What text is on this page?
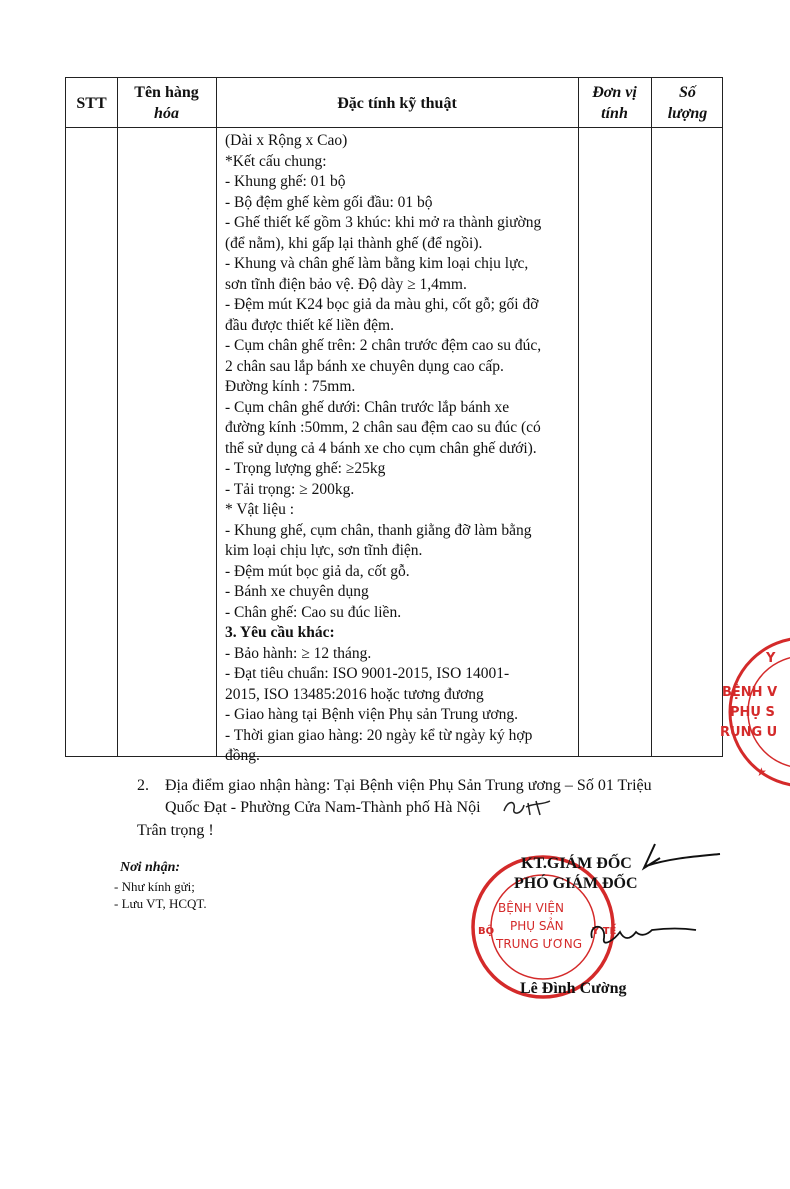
STT
Tên hàng
hóa
Đặc tính kỹ thuật
Đơn vị
tính
Số
lượng
(Dài x Rộng x Cao)
*Kết cấu chung:
- Khung ghế: 01 bộ
- Bộ đệm ghế kèm gối đầu: 01 bộ
- Ghế thiết kế gồm 3 khúc: khi mở ra thành giường
(để nằm), khi gấp lại thành ghế (để ngồi).
- Khung và chân ghế làm bằng kim loại chịu lực,
sơn tĩnh điện bảo vệ. Độ dày ≥ 1,4mm.
- Đệm mút K24 bọc giả da màu ghi, cốt gỗ; gối đỡ
đầu được thiết kế liền đệm.
- Cụm chân ghế trên: 2 chân trước đệm cao su đúc,
2 chân sau lắp bánh xe chuyên dụng cao cấp.
Đường kính : 75mm.
- Cụm chân ghế dưới: Chân trước lắp bánh xe
đường kính :50mm, 2 chân sau đệm cao su đúc (có
thể sử dụng cả 4 bánh xe cho cụm chân ghế dưới).
- Trọng lượng ghế: ≥25kg
- Tải trọng: ≥ 200kg.
* Vật liệu :
- Khung ghế, cụm chân, thanh giằng đỡ làm bằng
kim loại chịu lực, sơn tĩnh điện.
- Đệm mút bọc giả da, cốt gỗ.
- Bánh xe chuyên dụng
- Chân ghế: Cao su đúc liền.
3. Yêu cầu khác:
- Bảo hành: ≥ 12 tháng.
- Đạt tiêu chuẩn: ISO 9001-2015, ISO 14001-
2015, ISO 13485:2016 hoặc tương đương
- Giao hàng tại Bệnh viện Phụ sản Trung ương.
- Thời gian giao hàng: 20 ngày kể từ ngày ký hợp
đồng.
Y
BỆNH V
PHỤ S
RUNG U
★
2. Địa điểm giao nhận hàng: Tại Bệnh viện Phụ Sản Trung ương – Số 01 Triệu
Quốc Đạt - Phường Cửa Nam-Thành phố Hà Nội
Trân trọng !
Nơi nhận:
- Như kính gửi;
- Lưu VT, HCQT.	BỆNH VIỆN
PHỤ SẢN
TRUNG ƯƠNG
BỘ	Y TẾ
KT.GIÁM ĐỐC
PHÓ GIÁM ĐỐC
Lê Đình Cường
